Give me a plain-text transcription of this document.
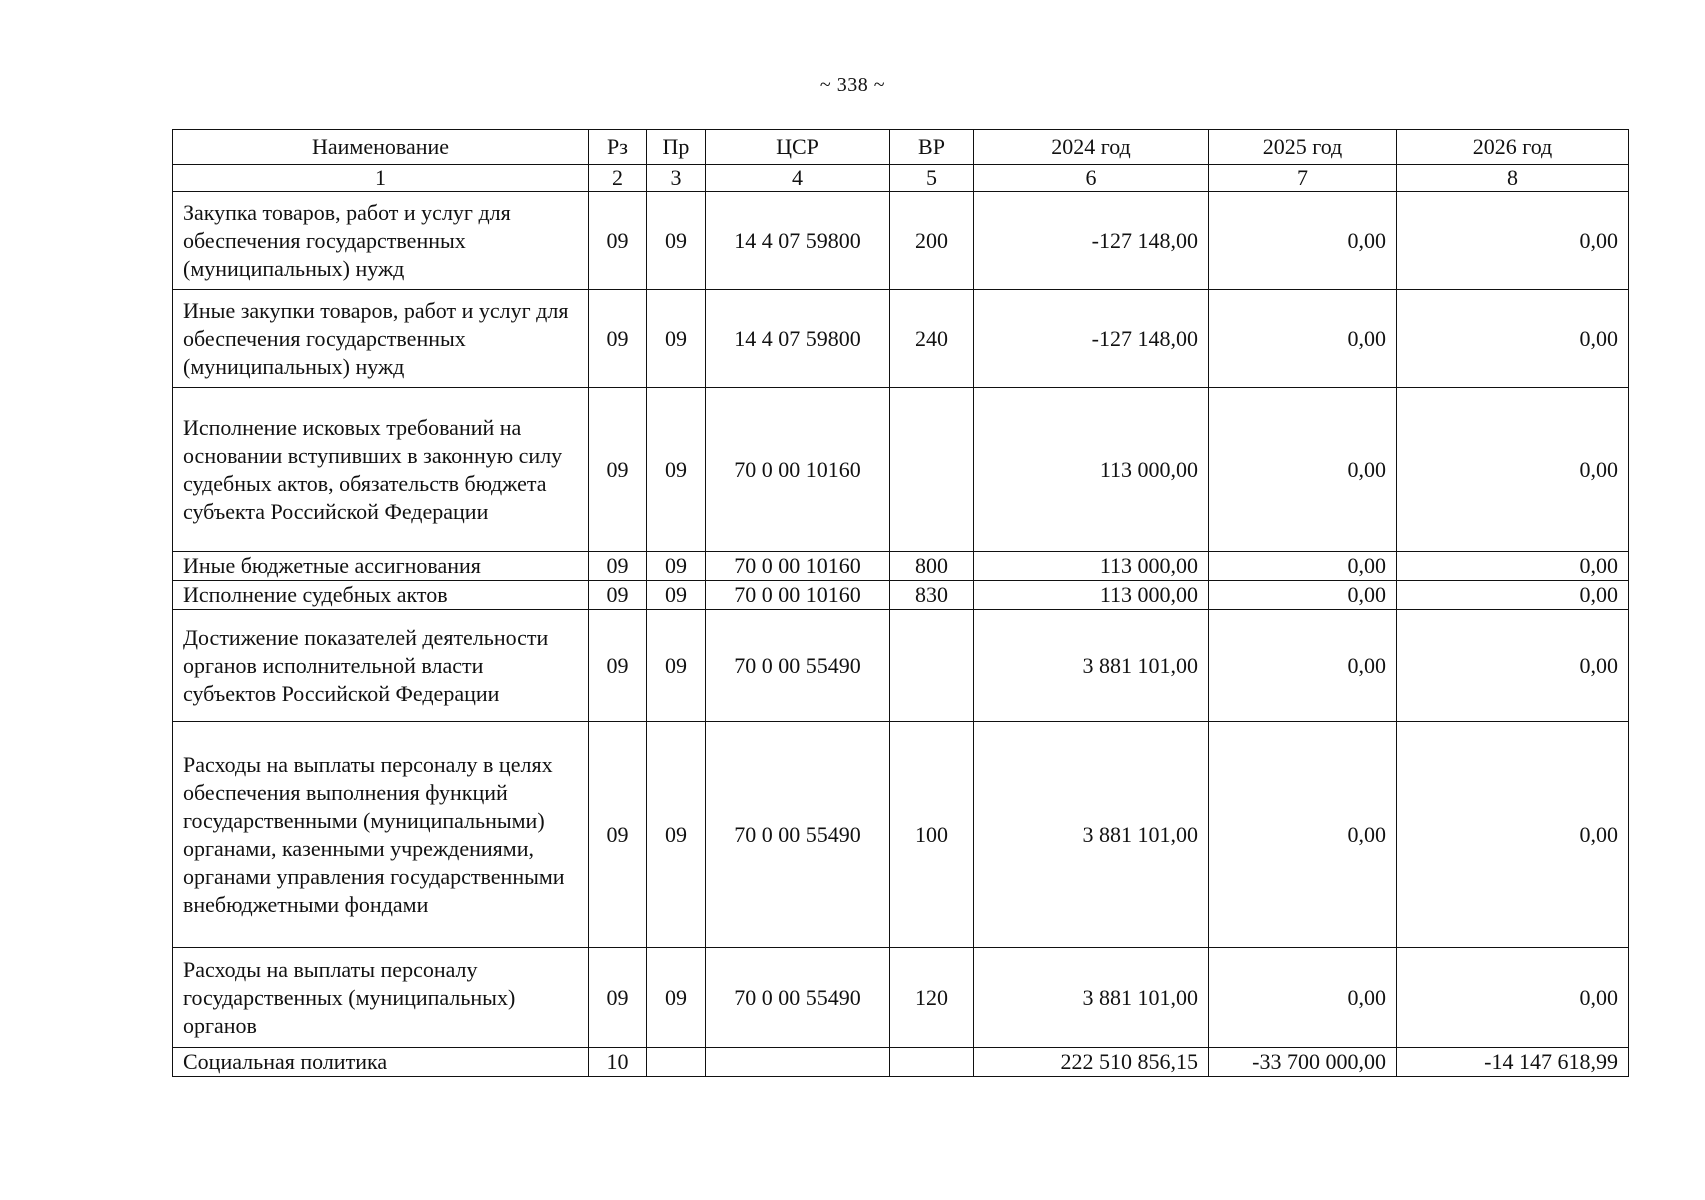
~ 338 ~
Наименование	Рз	Пр	ЦСР	ВР	2024 год	2025 год	2026 год
1	2	3	4	5	6	7	8
Закупка товаров, работ и услуг для обеспечения государственных (муниципальных) нужд	09	09	14 4 07 59800	200	-127 148,00	0,00	0,00
Иные закупки товаров, работ и услуг для обеспечения государственных (муниципальных) нужд	09	09	14 4 07 59800	240	-127 148,00	0,00	0,00
Исполнение исковых требований на основании вступивших в законную силу судебных актов, обязательств бюджета субъекта Российской Федерации	09	09	70 0 00 10160		113 000,00	0,00	0,00
Иные бюджетные ассигнования	09	09	70 0 00 10160	800	113 000,00	0,00	0,00
Исполнение судебных актов	09	09	70 0 00 10160	830	113 000,00	0,00	0,00
Достижение показателей деятельности органов исполнительной власти субъектов Российской Федерации	09	09	70 0 00 55490		3 881 101,00	0,00	0,00
Расходы на выплаты персоналу в целях обеспечения выполнения функций государственными (муниципальными) органами, казенными учреждениями, органами управления государственными внебюджетными фондами	09	09	70 0 00 55490	100	3 881 101,00	0,00	0,00
Расходы на выплаты персоналу государственных (муниципальных) органов	09	09	70 0 00 55490	120	3 881 101,00	0,00	0,00
Социальная политика	10				222 510 856,15	-33 700 000,00	-14 147 618,99
